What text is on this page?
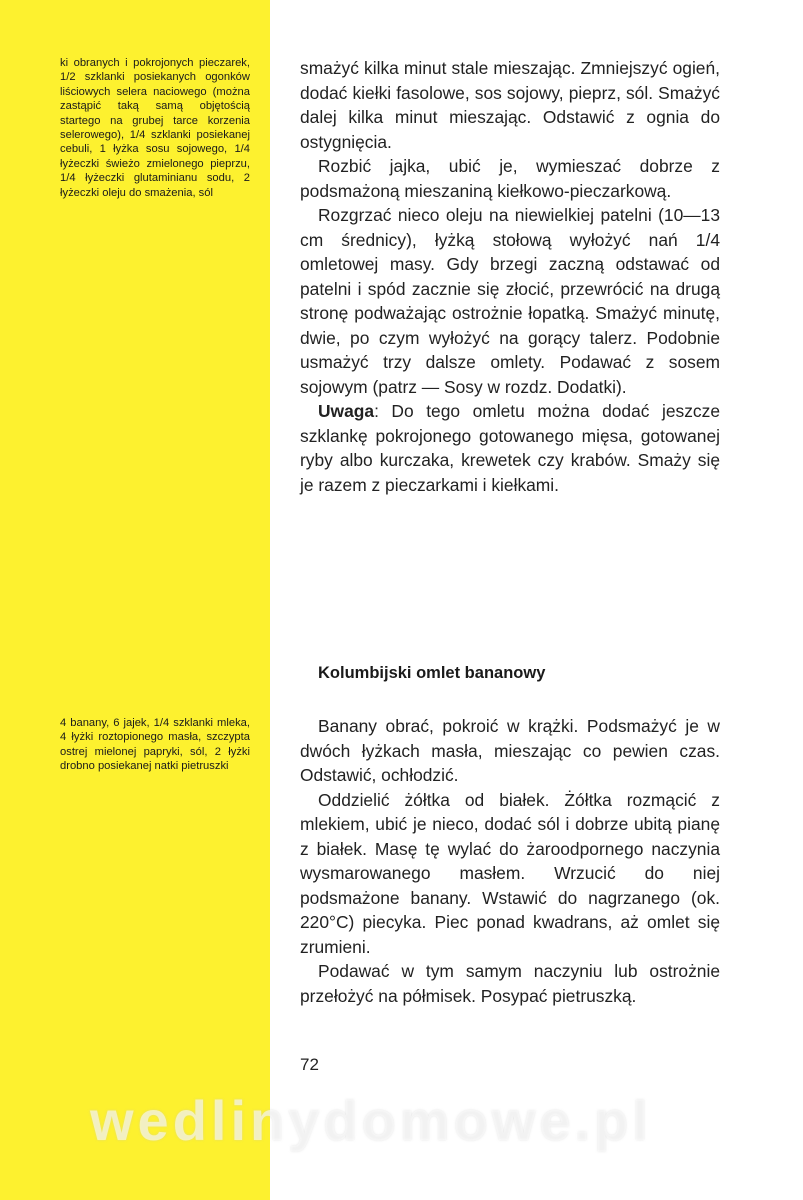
ki obranych i pokrojonych pieczarek, 1/2 szklanki posiekanych ogonków liściowych selera naciowego (można zastąpić taką samą objętością startego na grubej tarce korzenia selerowego), 1/4 szklanki posiekanej cebuli, 1 łyżka sosu sojowego, 1/4 łyżeczki świeżo zmielonego pieprzu, 1/4 łyżeczki glutaminianu sodu, 2 łyżeczki oleju do smażenia, sól

smażyć kilka minut stale mieszając. Zmniejszyć ogień, dodać kiełki fasolowe, sos sojowy, pieprz, sól. Smażyć dalej kilka minut mieszając. Odstawić z ognia do ostygnięcia.

Rozbić jajka, ubić je, wymieszać dobrze z podsmażoną mieszaniną kiełkowo-pieczarkową.

Rozgrzać nieco oleju na niewielkiej patelni (10—13 cm średnicy), łyżką stołową wyłożyć nań 1/4 omletowej masy. Gdy brzegi zaczną odstawać od patelni i spód zacznie się złocić, przewrócić na drugą stronę podważając ostrożnie łopatką. Smażyć minutę, dwie, po czym wyłożyć na gorący talerz. Podobnie usmażyć trzy dalsze omlety. Podawać z sosem sojowym (patrz — Sosy w rozdz. Dodatki).

Uwaga: Do tego omletu można dodać jeszcze szklankę pokrojonego gotowanego mięsa, gotowanej ryby albo kurczaka, krewetek czy krabów. Smaży się je razem z pieczarkami i kiełkami.

Kolumbijski omlet bananowy
4 banany, 6 jajek, 1/4 szklanki mleka, 4 łyżki roztopionego masła, szczypta ostrej mielonej papryki, sól, 2 łyżki drobno posiekanej natki pietruszki

Banany obrać, pokroić w krążki. Podsmażyć je w dwóch łyżkach masła, mieszając co pewien czas. Odstawić, ochłodzić.

Oddzielić żółtka od białek. Żółtka rozmącić z mlekiem, ubić je nieco, dodać sól i dobrze ubitą pianę z białek. Masę tę wylać do żaroodpornego naczynia wysmarowanego masłem. Wrzucić do niej podsmażone banany. Wstawić do nagrzanego (ok. 220°C) piecyka. Piec ponad kwadrans, aż omlet się zrumieni.

Podawać w tym samym naczyniu lub ostrożnie przełożyć na półmisek. Posypać pietruszką.

72
wedlinydomowe.pl
